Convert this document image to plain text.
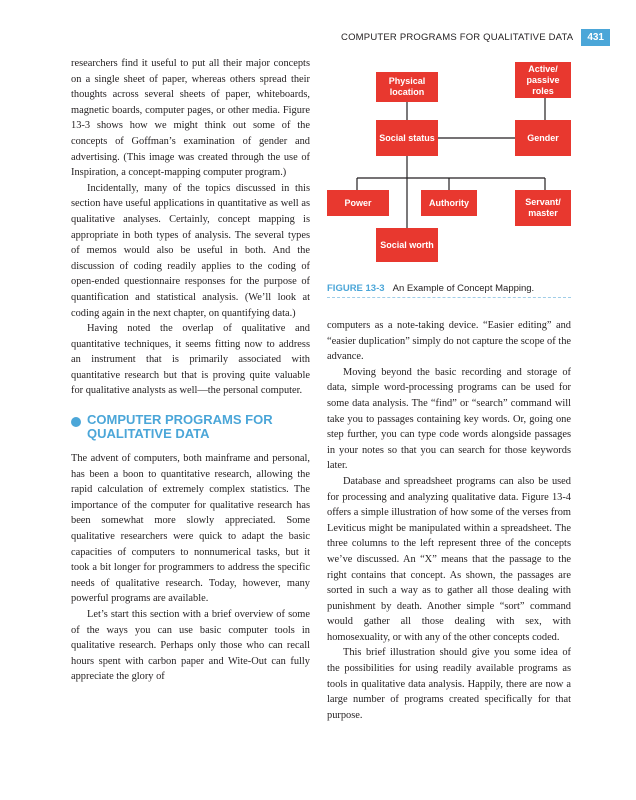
COMPUTER PROGRAMS FOR QUALITATIVE DATA	431

researchers find it useful to put all their major concepts on a single sheet of paper, whereas others spread their thoughts across several sheets of paper, whiteboards, magnetic boards, computer pages, or other media. Figure 13-3 shows how we might think out some of the concepts of Goffman’s examination of gender and advertising. (This image was created through the use of Inspiration, a concept-mapping computer program.)

Incidentally, many of the topics discussed in this section have useful applications in quantitative as well as qualitative analyses. Certainly, concept mapping is appropriate in both types of analysis. The several types of memos would also be useful in both. And the discussion of coding readily applies to the coding of open-ended questionnaire responses for the purpose of quantification and statistical analysis. (We’ll look at coding again in the next chapter, on quantifying data.)

Having noted the overlap of qualitative and quantitative techniques, it seems fitting now to address an instrument that is primarily associated with quantitative research but that is proving quite valuable for qualitative analysts as well—the personal computer.

COMPUTER PROGRAMS FOR QUALITATIVE DATA

The advent of computers, both mainframe and personal, has been a boon to quantitative research, allowing the rapid calculation of extremely complex statistics. The importance of the computer for qualitative research has been somewhat more slowly appreciated. Some qualitative researchers were quick to adapt the basic capacities of computers to nonnumerical tasks, but it took a bit longer for programmers to address the specific needs of qualitative research. Today, however, many powerful programs are available.

Let’s start this section with a brief overview of some of the ways you can use basic computer tools in qualitative research. Perhaps only those who can recall hours spent with carbon paper and Wite-Out can fully appreciate the glory of

Physical location
Active/ passive roles
Social status	Gender
Power	Authority	Servant/ master
Social worth
FIGURE 13-3 An Example of Concept Mapping.

computers as a note-taking device. “Easier editing” and “easier duplication” simply do not capture the scope of the advance.

Moving beyond the basic recording and storage of data, simple word-processing programs can be used for some data analysis. The “find” or “search” command will take you to passages containing key words. Or, going one step further, you can type code words alongside passages in your notes so that you can search for those keywords later.

Database and spreadsheet programs can also be used for processing and analyzing qualitative data. Figure 13-4 offers a simple illustration of how some of the verses from Leviticus might be manipulated within a spreadsheet. The three columns to the left represent three of the concepts we’ve discussed. An “X” means that the passage to the right contains that concept. As shown, the passages are sorted in such a way as to gather all those dealing with punishment by death. Another simple “sort” command would gather all those dealing with sex, with homosexuality, or with any of the other concepts coded.

This brief illustration should give you some idea of the possibilities for using readily available programs as tools in qualitative data analysis. Happily, there are now a large number of programs created specifically for that purpose.
